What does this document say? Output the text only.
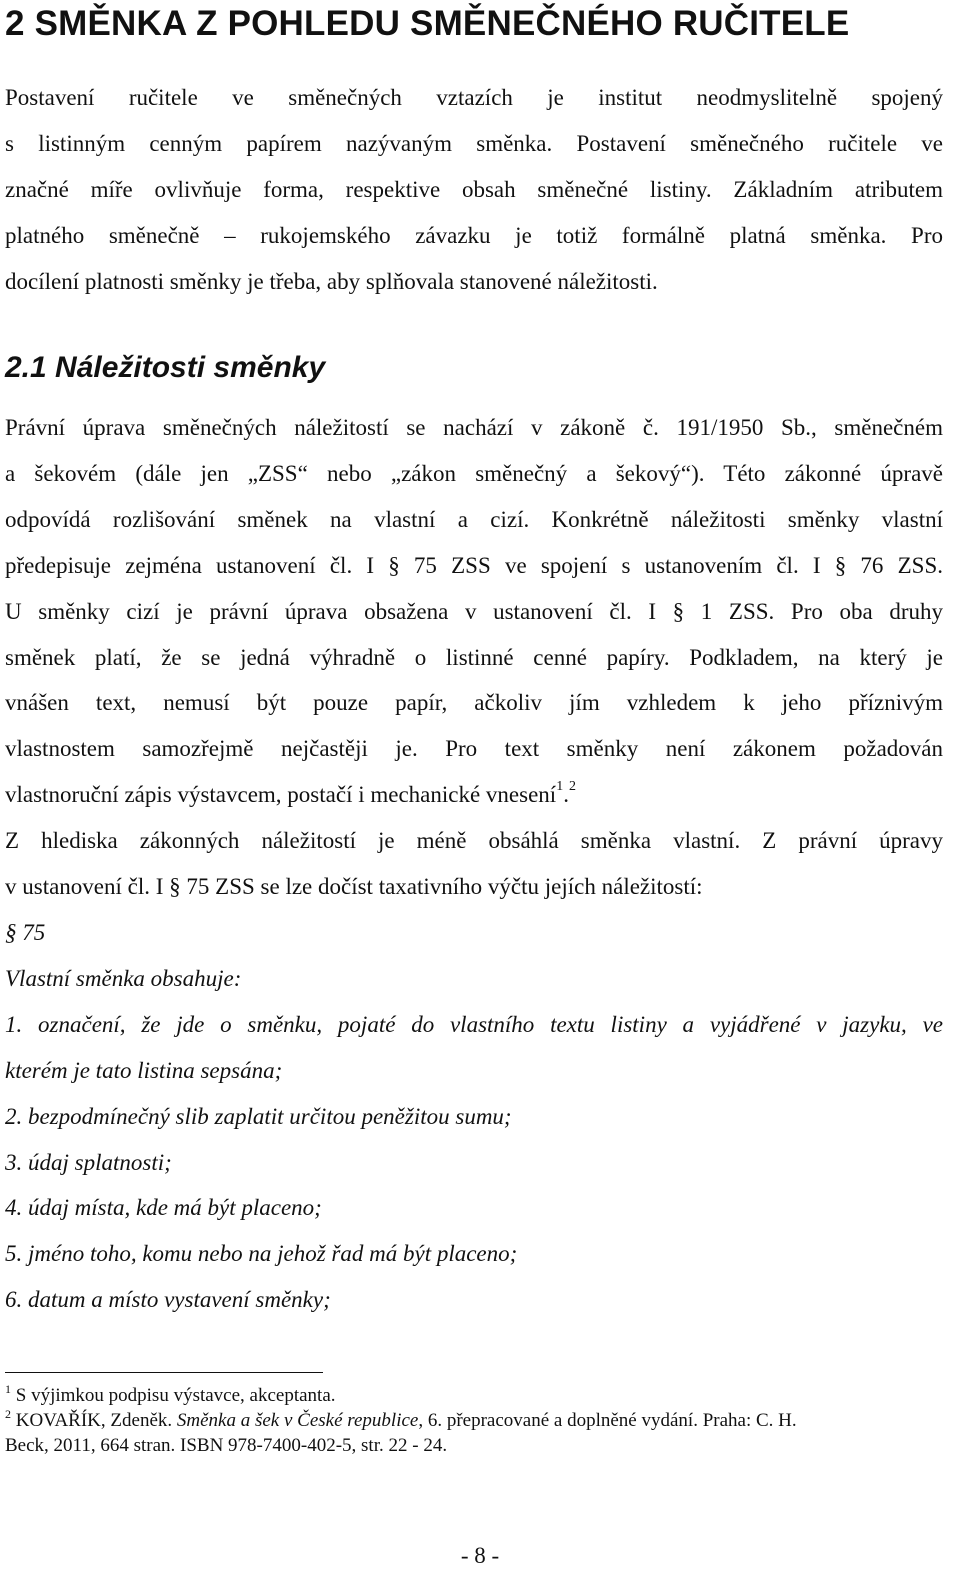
2 SMĚNKA Z POHLEDU SMĚNEČNÉHO RUČITELE
Postavení ručitele ve směnečných vztazích je institut neodmyslitelně spojený
s listinným cenným papírem nazývaným směnka. Postavení směnečného ručitele ve
značné míře ovlivňuje forma, respektive obsah směnečné listiny. Základním atributem
platného směnečně – rukojemského závazku je totiž formálně platná směnka. Pro
docílení platnosti směnky je třeba, aby splňovala stanovené náležitosti.
2.1 Náležitosti směnky
Právní úprava směnečných náležitostí se nachází v zákoně č. 191/1950 Sb., směnečném
a šekovém (dále jen „ZSS“ nebo „zákon směnečný a šekový“). Této zákonné úpravě
odpovídá rozlišování směnek na vlastní a cizí. Konkrétně náležitosti směnky vlastní
předepisuje zejména ustanovení čl. I § 75 ZSS ve spojení s ustanovením čl. I § 76 ZSS.
U směnky cizí je právní úprava obsažena v ustanovení čl. I § 1 ZSS. Pro oba druhy
směnek platí, že se jedná výhradně o listinné cenné papíry. Podkladem, na který je
vnášen text, nemusí být pouze papír, ačkoliv jím vzhledem k jeho příznivým
vlastnostem samozřejmě nejčastěji je. Pro text směnky není zákonem požadován
vlastnoruční zápis výstavcem, postačí i mechanické vnesení$^1$.$^2$
Z hlediska zákonných náležitostí je méně obsáhlá směnka vlastní. Z právní úpravy
v ustanovení čl. I § 75 ZSS se lze dočíst taxativního výčtu jejích náležitostí:
§ 75
Vlastní směnka obsahuje:
1. označení, že jde o směnku, pojaté do vlastního textu listiny a vyjádřené v jazyku, ve
kterém je tato listina sepsána;
2. bezpodmínečný slib zaplatit určitou peněžitou sumu;
3. údaj splatnosti;
4. údaj místa, kde má být placeno;
5. jméno toho, komu nebo na jehož řad má být placeno;
6. datum a místo vystavení směnky;
$^1$ S výjimkou podpisu výstavce, akceptanta.
$^2$ KOVAŘÍK, Zdeněk. Směnka a šek v České republice, 6. přepracované a doplněné vydání. Praha: C. H.
Beck, 2011, 664 stran. ISBN 978-7400-402-5, str. 22 - 24.
- 8 -
